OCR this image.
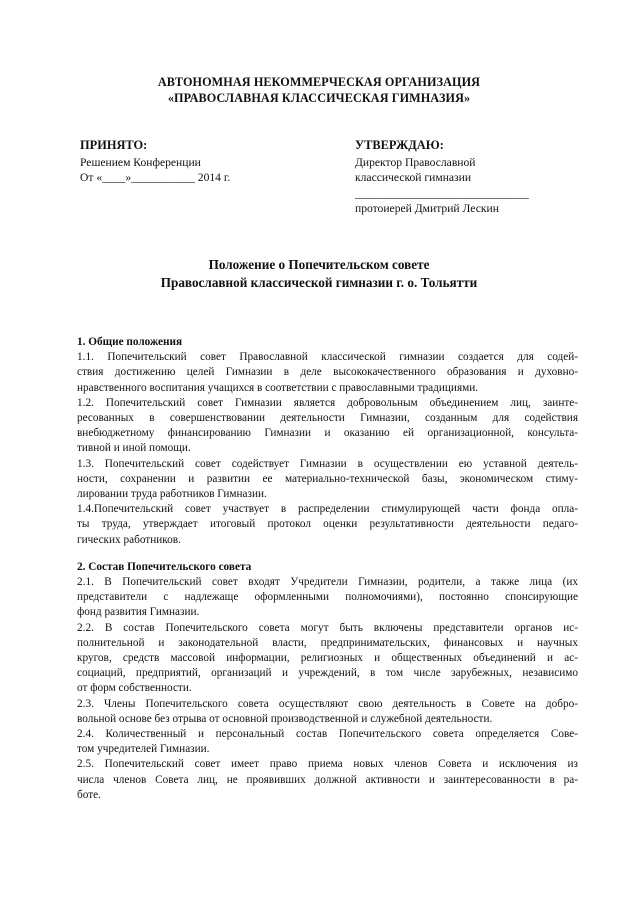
АВТОНОМНАЯ НЕКОММЕРЧЕСКАЯ ОРГАНИЗАЦИЯ
«ПРАВОСЛАВНАЯ КЛАССИЧЕСКАЯ ГИМНАЗИЯ»
ПРИНЯТО:
Решением Конференции
От «____»___________ 2014 г.
УТВЕРЖДАЮ:
Директор Православной
классической гимназии
______________________________
протоиерей Дмитрий Лескин
Положение о Попечительском совете
Православной классической гимназии г. о. Тольятти
1. Общие положения
1.1. Попечительский совет Православной классической гимназии создается для содей-
ствия достижению целей Гимназии в деле высококачественного образования и духовно-
нравственного воспитания учащихся в соответствии с православными традициями.
1.2. Попечительский совет Гимназии является добровольным объединением лиц, заинте-
ресованных в совершенствовании деятельности Гимназии, созданным для содействия
внебюджетному финансированию Гимназии и оказанию ей организационной, консульта-
тивной и иной помощи.
1.3. Попечительский совет содействует Гимназии в осуществлении ею уставной деятель-
ности, сохранении и развитии ее материально-технической базы, экономическом стиму-
лировании труда работников Гимназии.
1.4.Попечительский совет участвует в распределении стимулирующей части фонда опла-
ты труда, утверждает итоговый протокол оценки результативности деятельности педаго-
гических работников.
2. Состав Попечительского совета
2.1. В Попечительский совет входят Учредители Гимназии, родители, а также лица (их
представители с надлежаще оформленными полномочиями), постоянно спонсирующие
фонд развития Гимназии.
2.2. В состав Попечительского совета могут быть включены представители органов ис-
полнительной и законодательной власти, предпринимательских, финансовых и научных
кругов, средств массовой информации, религиозных и общественных объединений и ас-
социаций, предприятий, организаций и учреждений, в том числе зарубежных, независимо
от форм собственности.
2.3. Члены Попечительского совета осуществляют свою деятельность в Совете на добро-
вольной основе без отрыва от основной производственной и служебной деятельности.
2.4. Количественный и персональный состав Попечительского совета определяется Сове-
том учредителей Гимназии.
2.5. Попечительский совет имеет право приема новых членов Совета и исключения из
числа членов Совета лиц, не проявивших должной активности и заинтересованности в ра-
боте.
